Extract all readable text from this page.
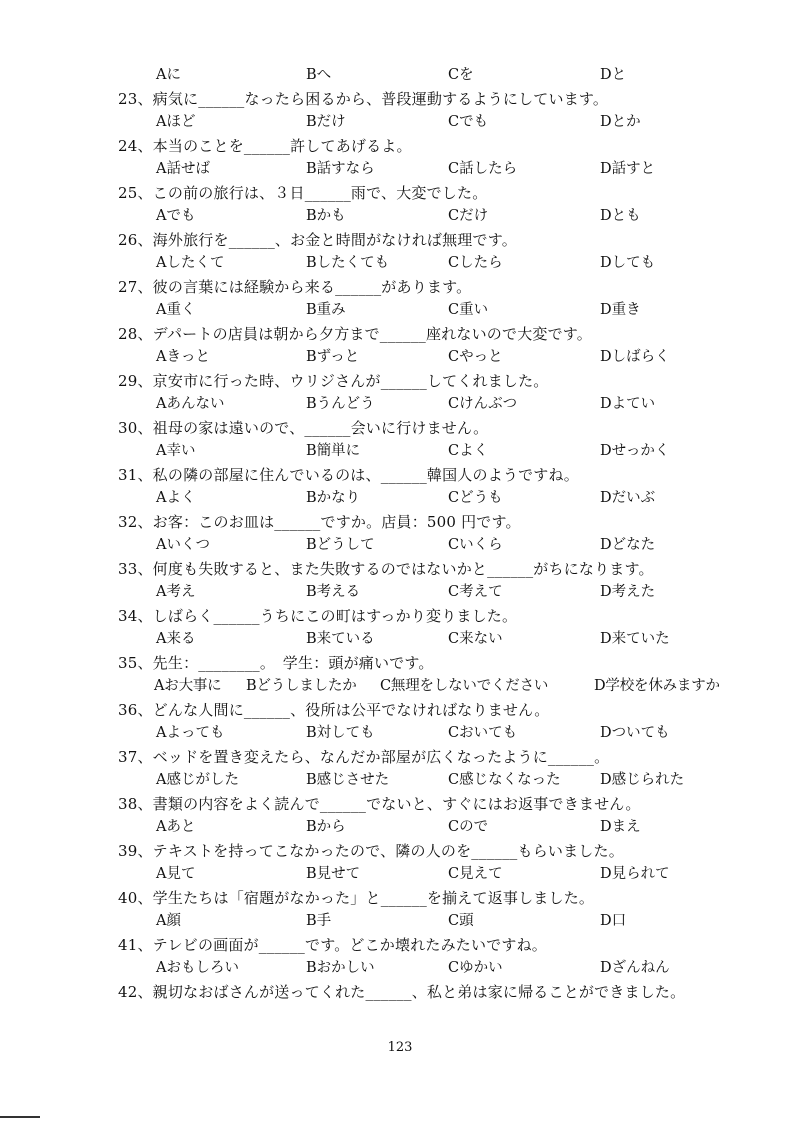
Aに	Bへ	Cを	Dと
23、病気に______なったら困るから、普段運動するようにしています。
Aほど	Bだけ	Cでも	Dとか
24、本当のことを______許してあげるよ。
A話せば	B話すなら	C話したら	D話すと
25、この前の旅行は、３日______雨で、大変でした。
Aでも	Bかも	Cだけ	Dとも
26、海外旅行を______、お金と時間がなければ無理です。
Aしたくて	Bしたくても	Cしたら	Dしても
27、彼の言葉には経験から来る______があります。
A重く	B重み	C重い	D重き
28、デパートの店員は朝から夕方まで______座れないので大変です。
Aきっと	Bずっと	Cやっと	Dしばらく
29、京安市に行った時、ウリジさんが______してくれました。
Aあんない	Bうんどう	Cけんぶつ	Dよてい
30、祖母の家は遠いので、______会いに行けません。
A幸い	B簡単に	Cよく	Dせっかく
31、私の隣の部屋に住んでいるのは、______韓国人のようですね。
Aよく	Bかなり	Cどうも	Dだいぶ
32、お客：このお皿は______ですか。店員：500 円です。
Aいくつ	Bどうして	Cいくら	Dどなた
33、何度も失敗すると、また失敗するのではないかと______がちになります。
A考え	B考える	C考えて	D考えた
34、しばらく______うちにこの町はすっかり変りました。
A来る	B来ている	C来ない	D来ていた
35、先生：________。　学生：頭が痛いです。
Aお大事に Bどうしましたか C無理をしないでください	D学校を休みますか
36、どんな人間に______、役所は公平でなければなりません。
Aよっても	B対しても	Cおいても	Dついても
37、ベッドを置き変えたら、なんだか部屋が広くなったように______。
A感じがした	B感じさせた	C感じなくなった	D感じられた
38、書類の内容をよく読んで______でないと、すぐにはお返事できません。
Aあと	Bから	Cので	Dまえ
39、テキストを持ってこなかったので、隣の人のを______もらいました。
A見て	B見せて	C見えて	D見られて
40、学生たちは「宿題がなかった」と______を揃えて返事しました。
A顔	B手	C頭	D口
41、テレビの画面が______です。どこか壊れたみたいですね。
Aおもしろい	Bおかしい	Cゆかい	Dざんねん
42、親切なおばさんが送ってくれた______、私と弟は家に帰ることができました。
123
